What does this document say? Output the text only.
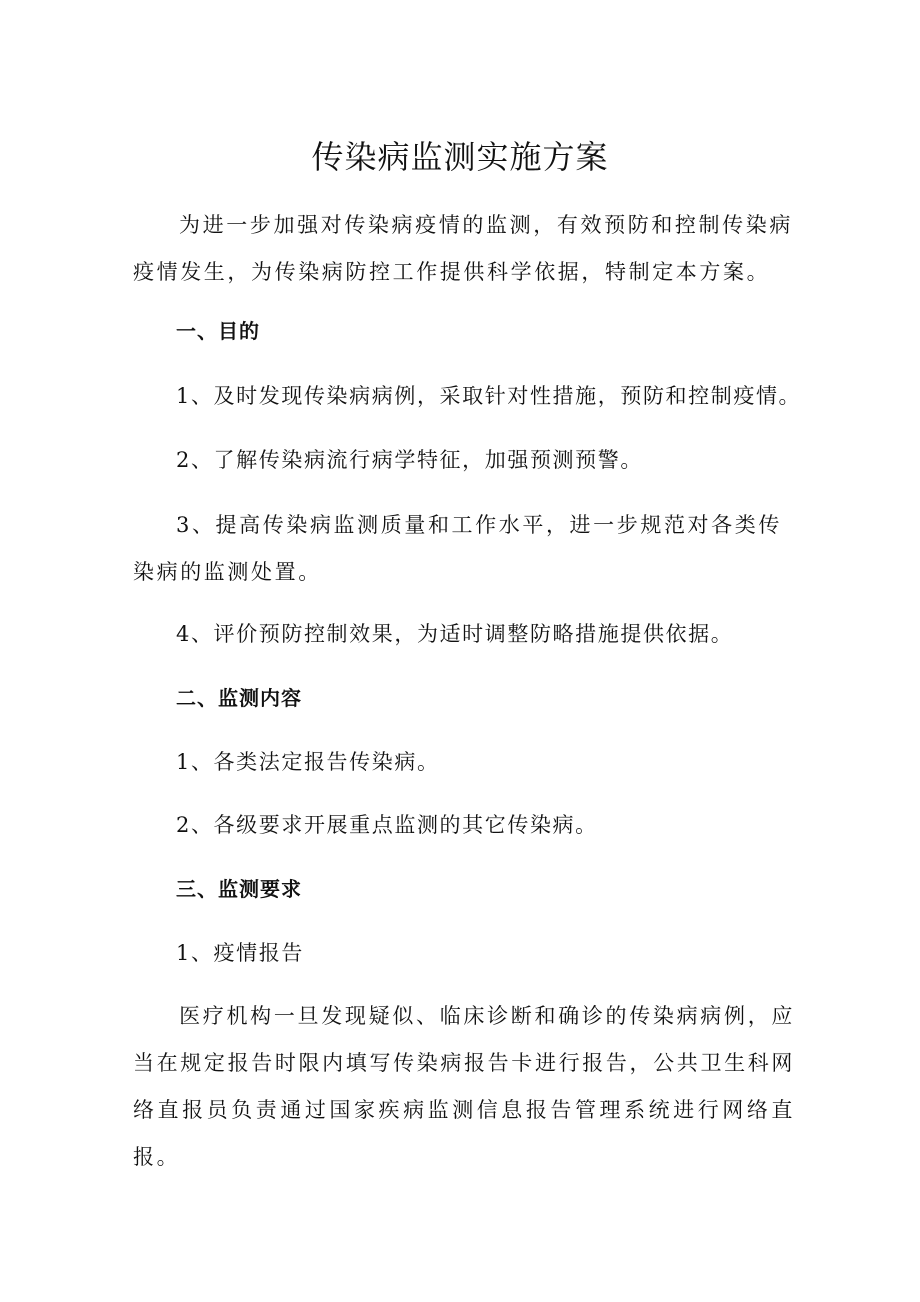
传染病监测实施方案

为进一步加强对传染病疫情的监测，有效预防和控制传染病疫情发生，为传染病防控工作提供科学依据，特制定本方案。

一、目的

1、及时发现传染病病例，采取针对性措施，预防和控制疫情。

2、了解传染病流行病学特征，加强预测预警。

3、提高传染病监测质量和工作水平，进一步规范对各类传染病的监测处置。

4、评价预防控制效果，为适时调整防略措施提供依据。

二、监测内容

1、各类法定报告传染病。

2、各级要求开展重点监测的其它传染病。

三、监测要求

1、疫情报告

医疗机构一旦发现疑似、临床诊断和确诊的传染病病例，应当在规定报告时限内填写传染病报告卡进行报告，公共卫生科网络直报员负责通过国家疾病监测信息报告管理系统进行网络直报。
